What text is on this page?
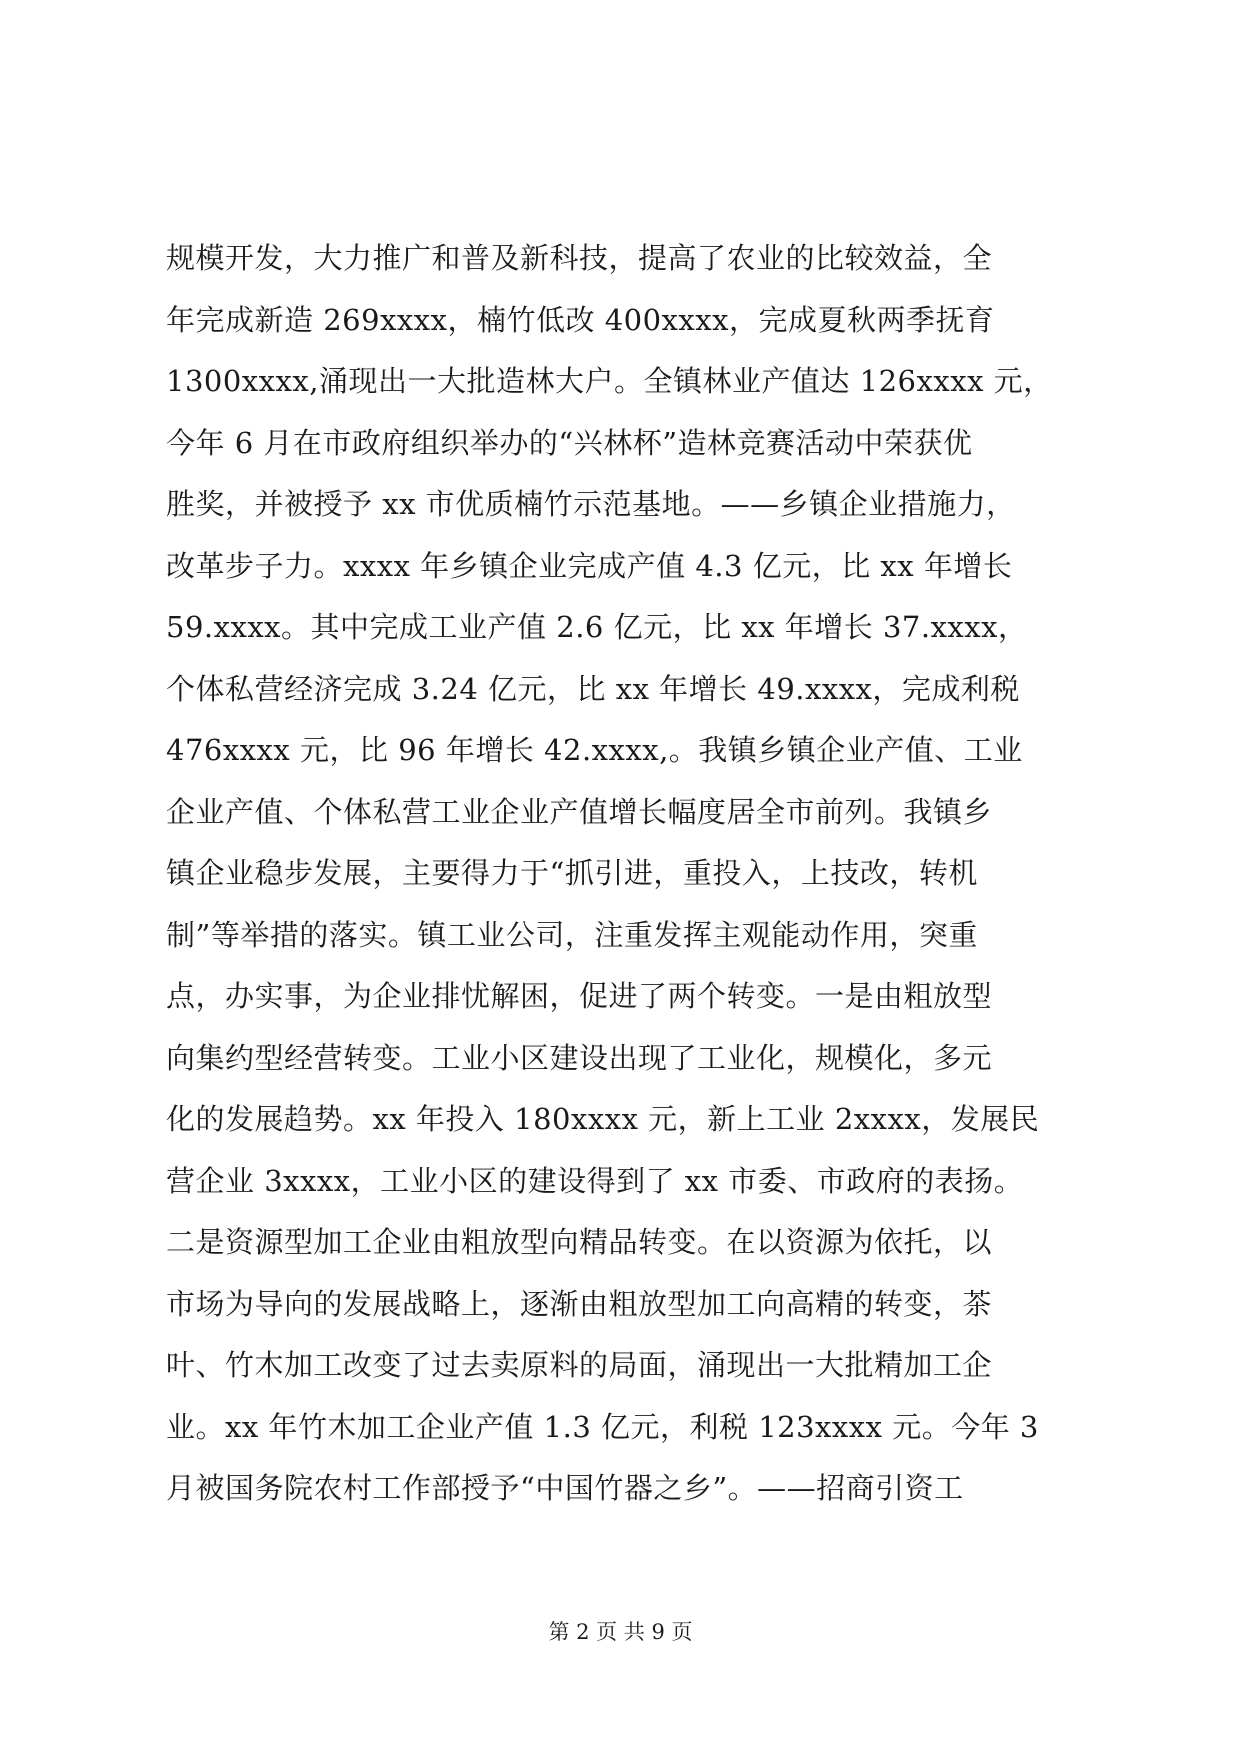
规模开发，大力推广和普及新科技，提高了农业的比较效益，全
年完成新造 269xxxx，楠竹低改 400xxxx，完成夏秋两季抚育
1300xxxx,涌现出一大批造林大户。全镇林业产值达 126xxxx 元，
今年 6 月在市政府组织举办的“兴林杯”造林竞赛活动中荣获优
胜奖，并被授予 xx 市优质楠竹示范基地。——乡镇企业措施力，
改革步子力。xxxx 年乡镇企业完成产值 4.3 亿元，比 xx 年增长
59.xxxx。其中完成工业产值 2.6 亿元，比 xx 年增长 37.xxxx，
个体私营经济完成 3.24 亿元，比 xx 年增长 49.xxxx，完成利税
476xxxx 元，比 96 年增长 42.xxxx,。我镇乡镇企业产值、工业
企业产值、个体私营工业企业产值增长幅度居全市前列。我镇乡
镇企业稳步发展，主要得力于“抓引进，重投入，上技改，转机
制”等举措的落实。镇工业公司，注重发挥主观能动作用，突重
点，办实事，为企业排忧解困，促进了两个转变。一是由粗放型
向集约型经营转变。工业小区建设出现了工业化，规模化，多元
化的发展趋势。xx 年投入 180xxxx 元，新上工业 2xxxx，发展民
营企业 3xxxx，工业小区的建设得到了 xx 市委、市政府的表扬。
二是资源型加工企业由粗放型向精品转变。在以资源为依托，以
市场为导向的发展战略上，逐渐由粗放型加工向高精的转变，茶
叶、竹木加工改变了过去卖原料的局面，涌现出一大批精加工企
业。xx 年竹木加工企业产值 1.3 亿元，利税 123xxxx 元。今年 3
月被国务院农村工作部授予“中国竹器之乡”。——招商引资工
第 2 页 共 9 页
